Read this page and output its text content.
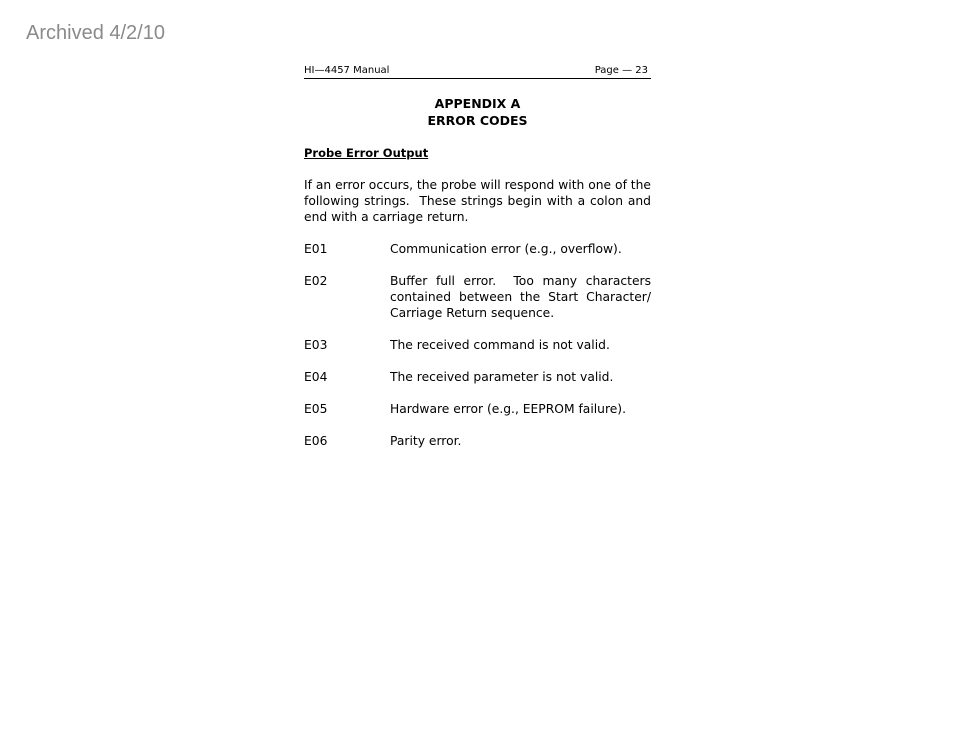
Archived 4/2/10
HI—4457 Manual	Page — 23
APPENDIX A
ERROR CODES
Probe Error Output
If an error occurs, the probe will respond with one of the following strings.  These strings begin with a colon and end with a carriage return.
E01	Communication error (e.g., overflow).
E02	Buffer full error.  Too many characters contained between the Start Character/ Carriage Return sequence.
E03	The received command is not valid.
E04	The received parameter is not valid.
E05	Hardware error (e.g., EEPROM failure).
E06	Parity error.
